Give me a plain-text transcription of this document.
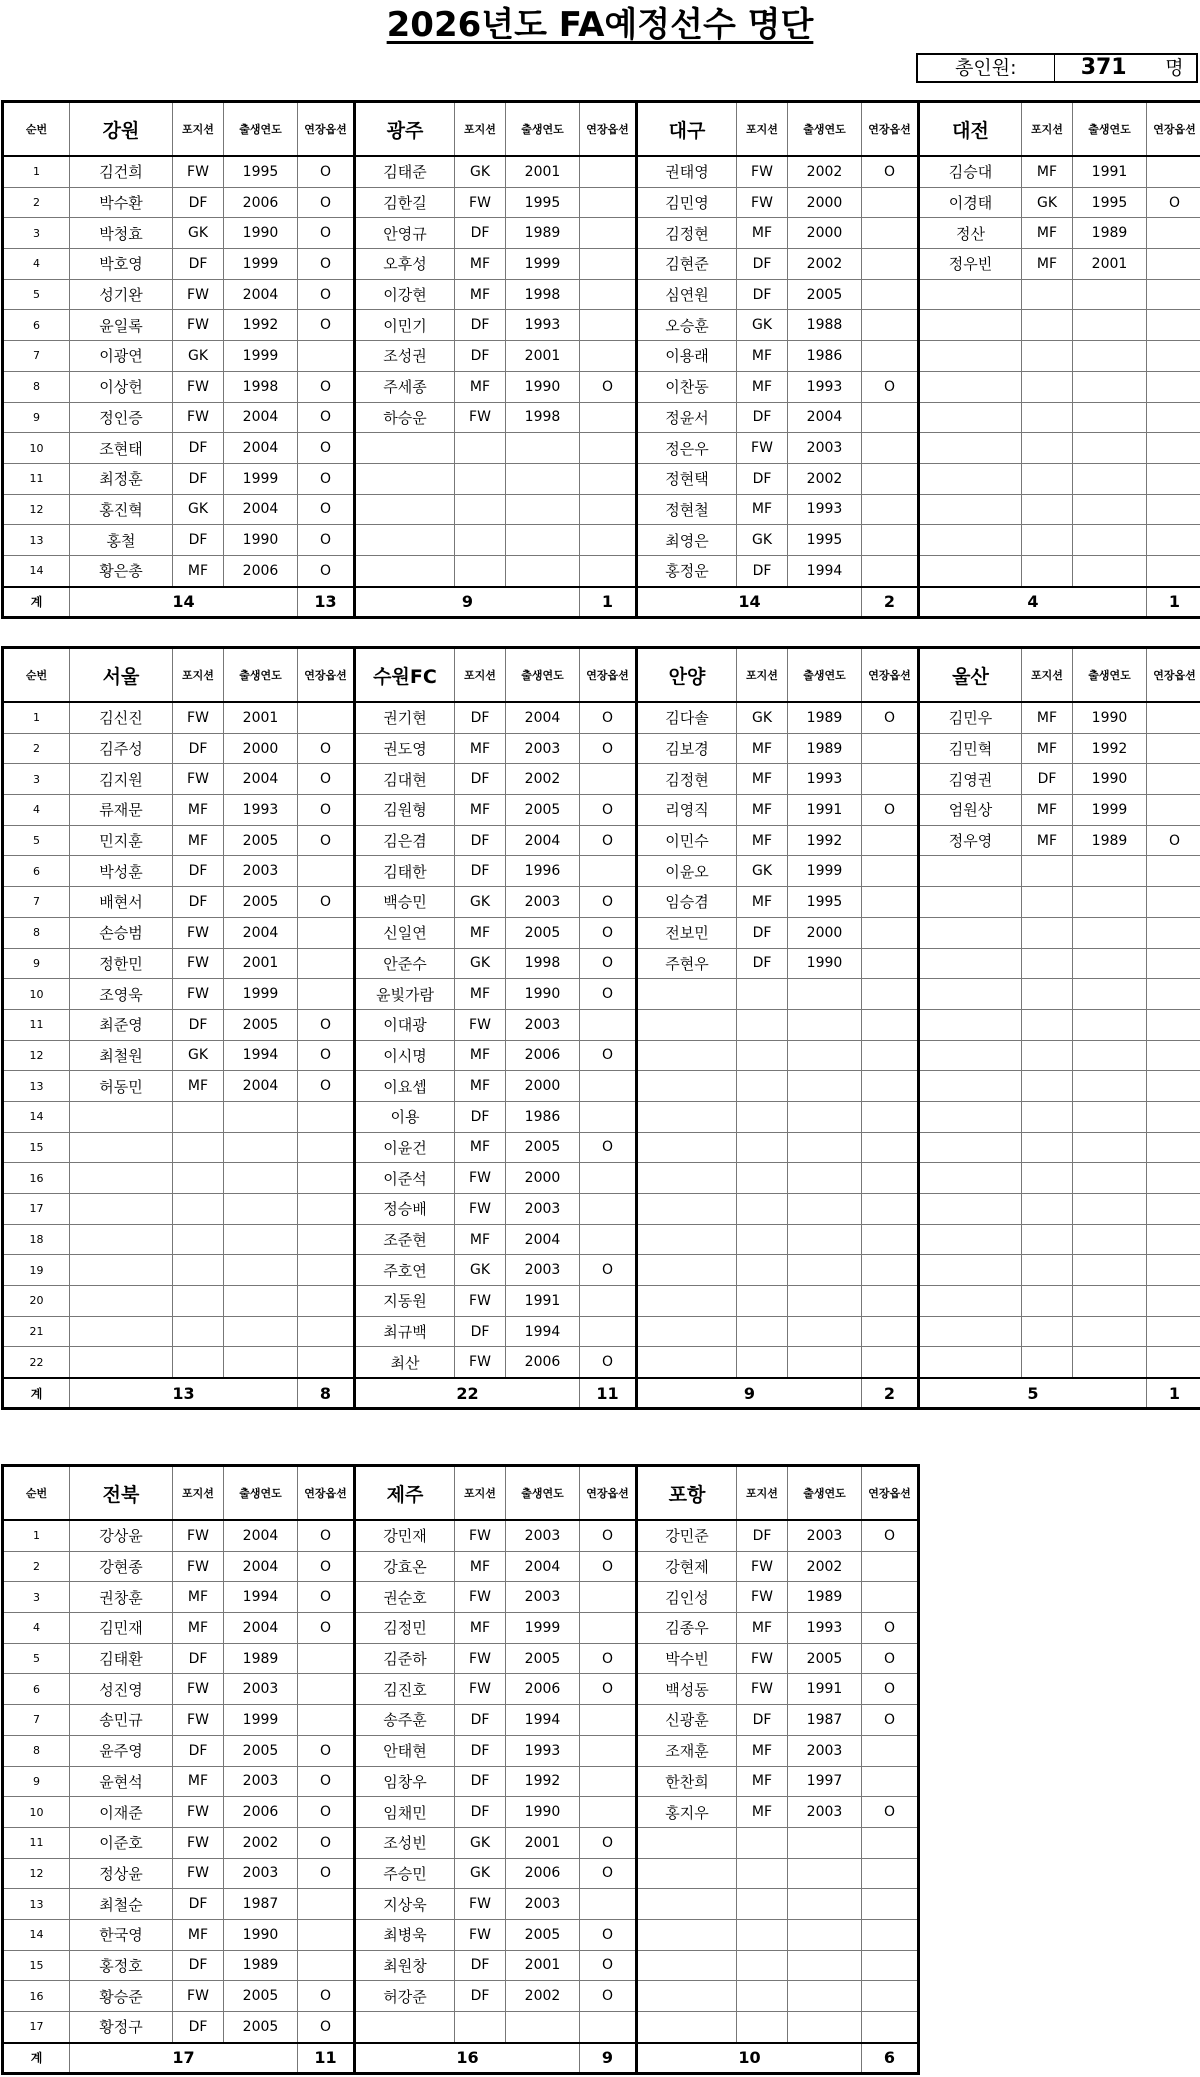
2026년도 FA예정선수 명단
총인원:	371	명
순번	강원	포지션	출생연도	연장옵션	광주	포지션	출생연도	연장옵션	대구	포지션	출생연도	연장옵션	대전	포지션	출생연도	연장옵션
1	김건희	FW	1995	O	김태준	GK	2001		권태영	FW	2002	O	김승대	MF	1991	
2	박수환	DF	2006	O	김한길	FW	1995		김민영	FW	2000		이경태	GK	1995	O
3	박청효	GK	1990	O	안영규	DF	1989		김정현	MF	2000		정산	MF	1989	
4	박호영	DF	1999	O	오후성	MF	1999		김현준	DF	2002		정우빈	MF	2001	
5	성기완	FW	2004	O	이강현	MF	1998		심연원	DF	2005					
6	윤일록	FW	1992	O	이민기	DF	1993		오승훈	GK	1988					
7	이광연	GK	1999		조성권	DF	2001		이용래	MF	1986					
8	이상헌	FW	1998	O	주세종	MF	1990	O	이찬동	MF	1993	O				
9	정인증	FW	2004	O	하승운	FW	1998		정윤서	DF	2004					
10	조현태	DF	2004	O					정은우	FW	2003					
11	최정훈	DF	1999	O					정현택	DF	2002					
12	홍진혁	GK	2004	O					정현철	MF	1993					
13	홍철	DF	1990	O					최영은	GK	1995					
14	황은총	MF	2006	O					홍정운	DF	1994					
계	14			13	9			1	14			2	4			1
순번	서울	포지션	출생연도	연장옵션	수원FC	포지션	출생연도	연장옵션	안양	포지션	출생연도	연장옵션	울산	포지션	출생연도	연장옵션
1	김신진	FW	2001		권기현	DF	2004	O	김다솔	GK	1989	O	김민우	MF	1990	
2	김주성	DF	2000	O	권도영	MF	2003	O	김보경	MF	1989		김민혁	MF	1992	
3	김지원	FW	2004	O	김대현	DF	2002		김정현	MF	1993		김영권	DF	1990	
4	류재문	MF	1993	O	김원형	MF	2005	O	리영직	MF	1991	O	엄원상	MF	1999	
5	민지훈	MF	2005	O	김은겸	DF	2004	O	이민수	MF	1992		정우영	MF	1989	O
6	박성훈	DF	2003		김태한	DF	1996		이윤오	GK	1999					
7	배현서	DF	2005	O	백승민	GK	2003	O	임승겸	MF	1995					
8	손승범	FW	2004		신일연	MF	2005	O	전보민	DF	2000					
9	정한민	FW	2001		안준수	GK	1998	O	주현우	DF	1990					
10	조영욱	FW	1999		윤빛가람	MF	1990	O								
11	최준영	DF	2005	O	이대광	FW	2003									
12	최철원	GK	1994	O	이시명	MF	2006	O								
13	허동민	MF	2004	O	이요셉	MF	2000									
14					이용	DF	1986									
15					이윤건	MF	2005	O								
16					이준석	FW	2000									
17					정승배	FW	2003									
18					조준현	MF	2004									
19					주호연	GK	2003	O								
20					지동원	FW	1991									
21					최규백	DF	1994									
22					최산	FW	2006	O								
계	13			8	22			11	9			2	5			1
순번	전북	포지션	출생연도	연장옵션	제주	포지션	출생연도	연장옵션	포항	포지션	출생연도	연장옵션
1	강상윤	FW	2004	O	강민재	FW	2003	O	강민준	DF	2003	O
2	강현종	FW	2004	O	강효온	MF	2004	O	강현제	FW	2002	
3	권창훈	MF	1994	O	권순호	FW	2003		김인성	FW	1989	
4	김민재	MF	2004	O	김정민	MF	1999		김종우	MF	1993	O
5	김태환	DF	1989		김준하	FW	2005	O	박수빈	FW	2005	O
6	성진영	FW	2003		김진호	FW	2006	O	백성동	FW	1991	O
7	송민규	FW	1999		송주훈	DF	1994		신광훈	DF	1987	O
8	윤주영	DF	2005	O	안태현	DF	1993		조재훈	MF	2003	
9	윤현석	MF	2003	O	임창우	DF	1992		한찬희	MF	1997	
10	이재준	FW	2006	O	임채민	DF	1990		홍지우	MF	2003	O
11	이준호	FW	2002	O	조성빈	GK	2001	O				
12	정상윤	FW	2003	O	주승민	GK	2006	O				
13	최철순	DF	1987		지상욱	FW	2003					
14	한국영	MF	1990		최병욱	FW	2005	O				
15	홍정호	DF	1989		최원창	DF	2001	O				
16	황승준	FW	2005	O	허강준	DF	2002	O				
17	황정구	DF	2005	O								
계	17			11	16			9	10			6
